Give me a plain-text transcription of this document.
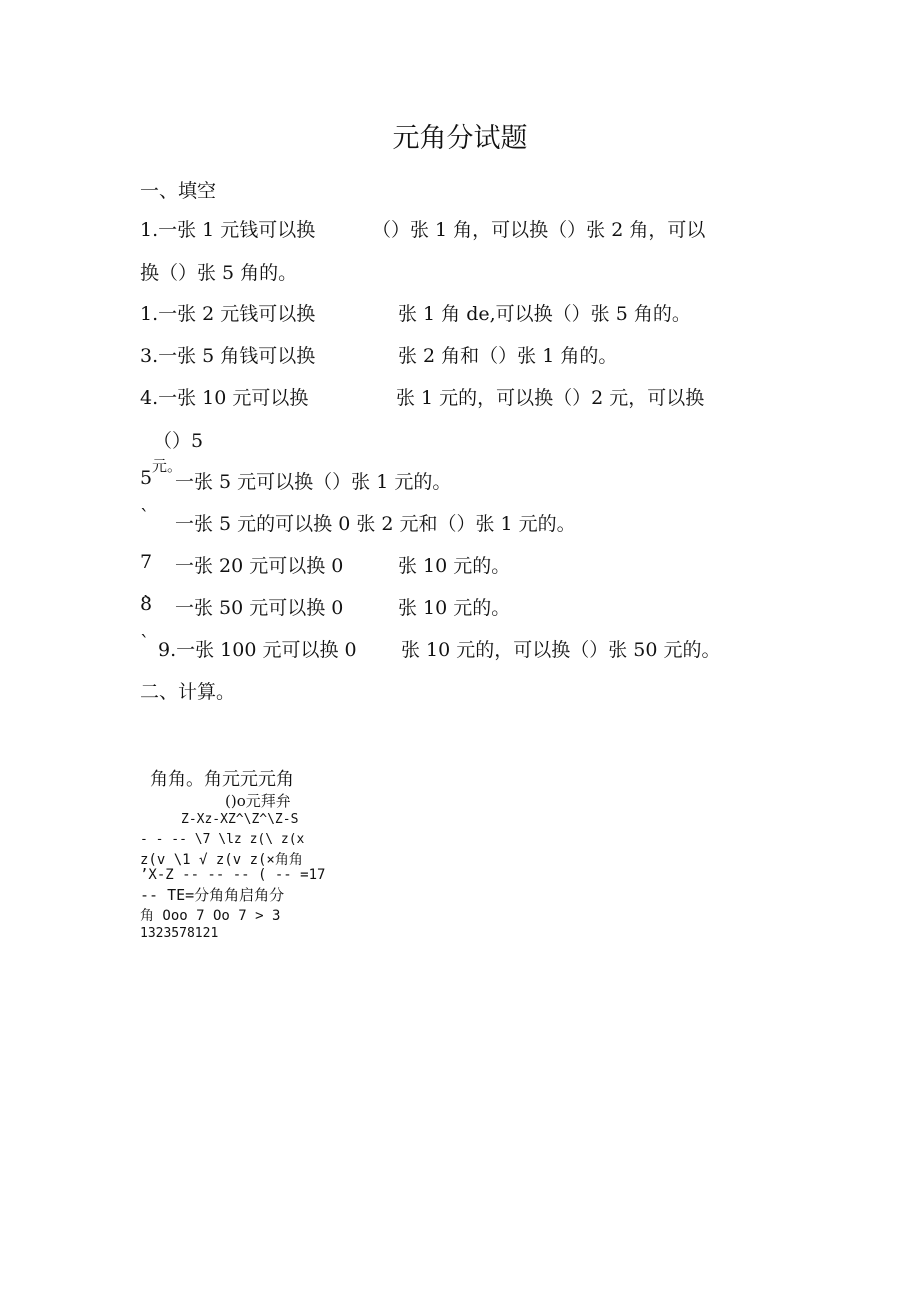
元角分试题
一、填空
1.一张 1 元钱可以换	（）张 1 角，可以换（）张 2 角，可以
换（）张 5 角的。
1.一张 2 元钱可以换	张 1 角 de,可以换（）张 5 角的。
3.一张 5 角钱可以换	张 2 角和（）张 1 角的。
4.一张 10 元可以换	张 1 元的，可以换（）2 元，可以换
（）5
元。
5 一张 5 元可以换（）张 1 元的。
` 一张 5 元的可以换 0 张 2 元和（）张 1 元的。
7 一张 20 元可以换 0	张 10 元的。
8̀ 一张 50 元可以换 0	张 10 元的。
` 9.一张 100 元可以换 0 张 10 元的，可以换（）张 50 元的。
二、计算。
角角。角元元元角
()o元拜弁
Z-Xz-XZ^\Z^\Z-S
- - -- \7 \lz z(\ z(x
z(v \1 √ z(v z(×角角
’X-Z -- -- -- ( -- =17
-- TE=分角角启角分
角 Ooo 7 Oo 7 > 3
1323578121
